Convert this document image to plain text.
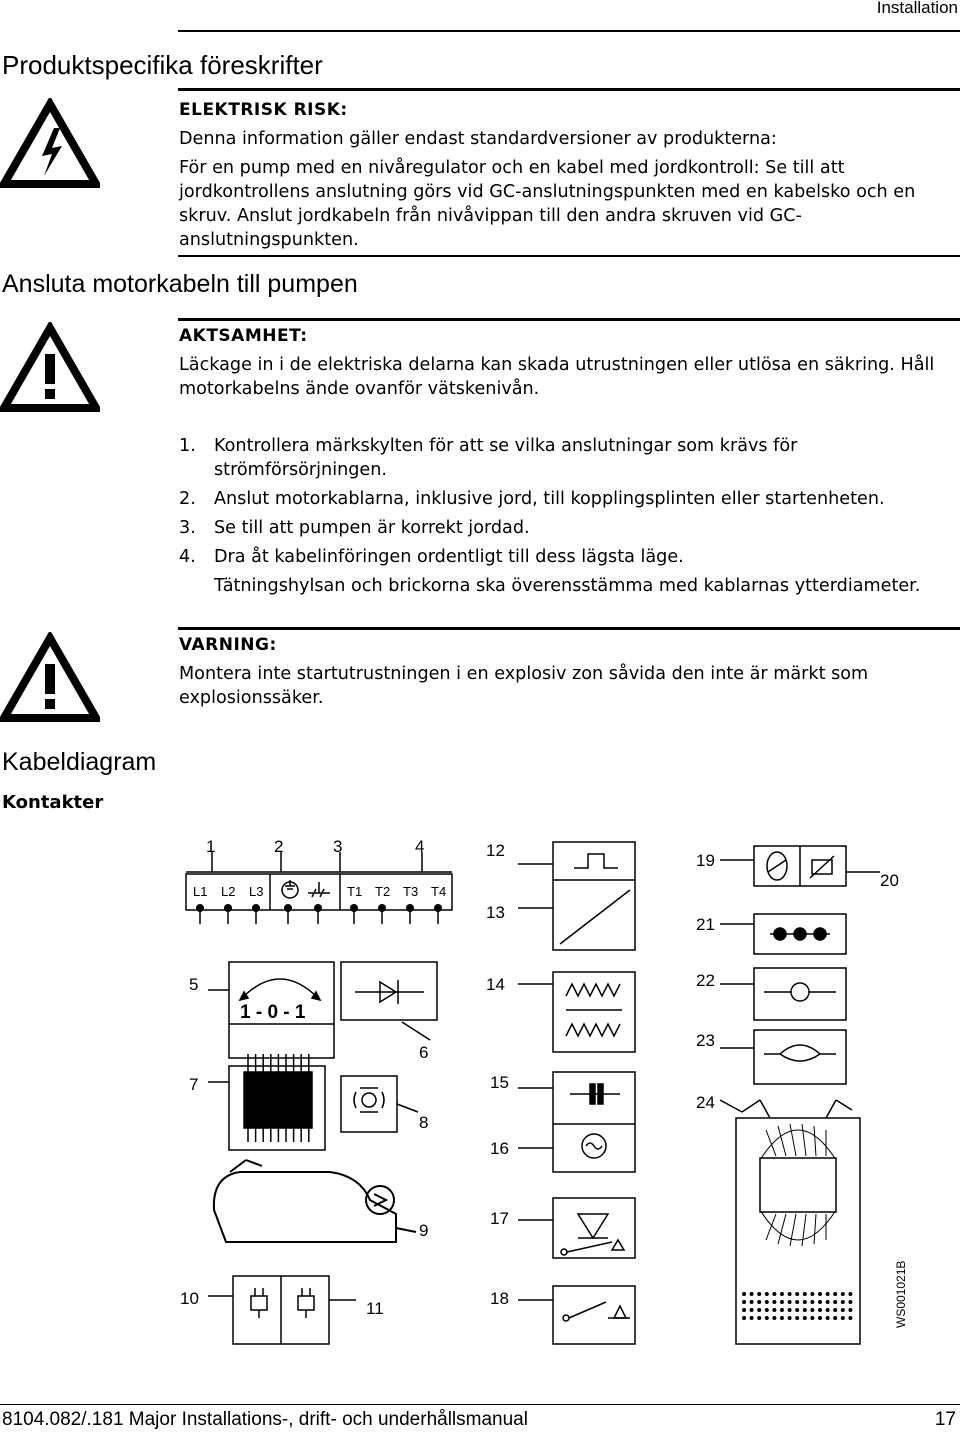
Installation
Produktspecifika föreskrifter
ELEKTRISK RISK:
Denna information gäller endast standardversioner av produkterna:
För en pump med en nivåregulator och en kabel med jordkontroll: Se till att jordkontrollens anslutning görs vid GC-anslutningspunkten med en kabelsko och en skruv. Anslut jordkabeln från nivåvippan till den andra skruven vid GC-anslutningspunkten.
Ansluta motorkabeln till pumpen
AKTSAMHET:
Läckage in i de elektriska delarna kan skada utrustningen eller utlösa en säkring. Håll motorkabelns ände ovanför vätskenivån.
1. Kontrollera märkskylten för att se vilka anslutningar som krävs för strömförsörjningen.
2. Anslut motorkablarna, inklusive jord, till kopplingsplinten eller startenheten.
3. Se till att pumpen är korrekt jordad.
4. Dra åt kabelinföringen ordentligt till dess lägsta läge.
Tätningshylsan och brickorna ska överensstämma med kablarnas ytterdiameter.
VARNING:
Montera inte startutrustningen i en explosiv zon såvida den inte är märkt som explosionssäker.
Kabeldiagram
Kontakter
1	2	3	4
5
6
7
8
9
10
11
12
13
14
15
16
17
18
19
20
21
22
23
24
L1 L2 L3	T1 T2 T3 T4
1 - 0 - 1
WS001021B
8104.082/.181 Major Installations-, drift- och underhållsmanual	17
